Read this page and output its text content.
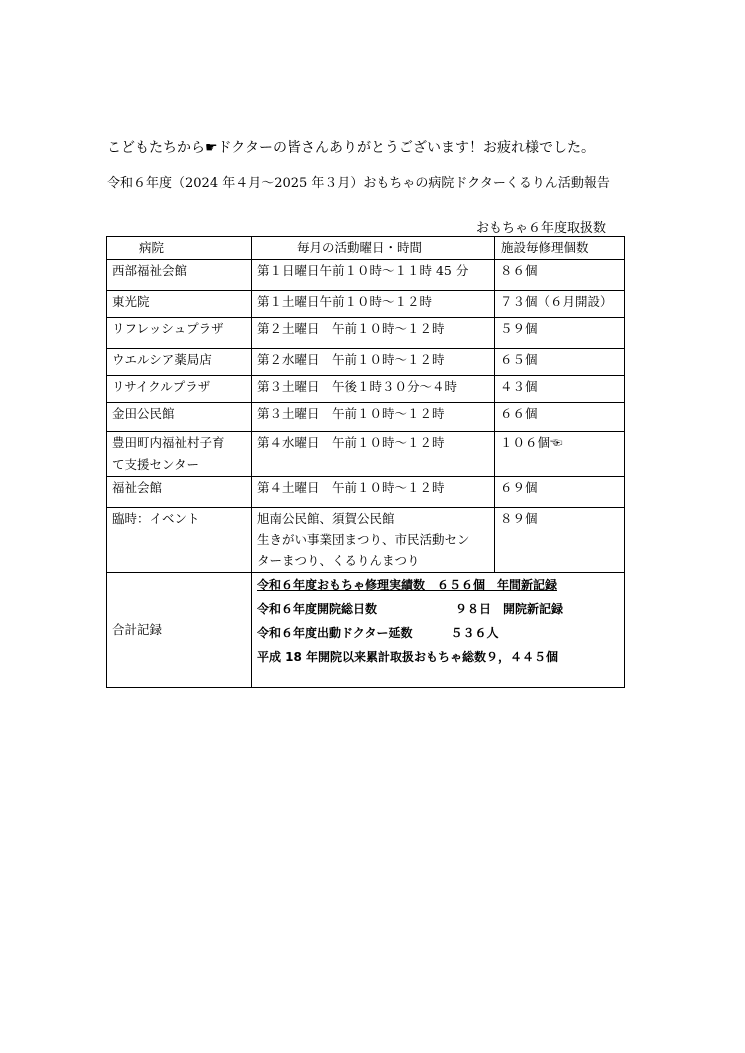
こどもたちから☛ドクターの皆さんありがとうございます！お疲れ様でした。
令和６年度（2024 年４月～2025 年３月）おもちゃの病院ドクターくるりん活動報告
おもちゃ６年度取扱数
病院	毎月の活動曜日・時間	施設毎修理個数
西部福祉会館	第１日曜日午前１０時～１１時 45 分	８６個
東光院	第１土曜日午前１０時～１２時	７３個（６月開設）
リフレッシュプラザ	第２土曜日　午前１０時～１２時	５９個
ウエルシア薬局店	第２水曜日　午前１０時～１２時	６５個
リサイクルプラザ	第３土曜日　午後１時３０分～４時	４３個
金田公民館	第３土曜日　午前１０時～１２時	６６個

豊田町内福祉村子育
て支援センター	第４水曜日　午前１０時～１２時	１０６個☜
福祉会館	第４土曜日　午前１０時～１２時	６９個
臨時：イベント	旭南公民館、須賀公民館
生きがい事業団まつり、市民活動セン
ターまつり、くるりんまつり	８９個
合計記録	令和６年度おもちゃ修理実績数　６５６個　年間新記録
令和６年度開院総日数 ９８日　開院新記録
令和６年度出動ドクター延数 ５３６人
平成 18 年開院以来累計取扱おもちゃ総数９，４４５個	
